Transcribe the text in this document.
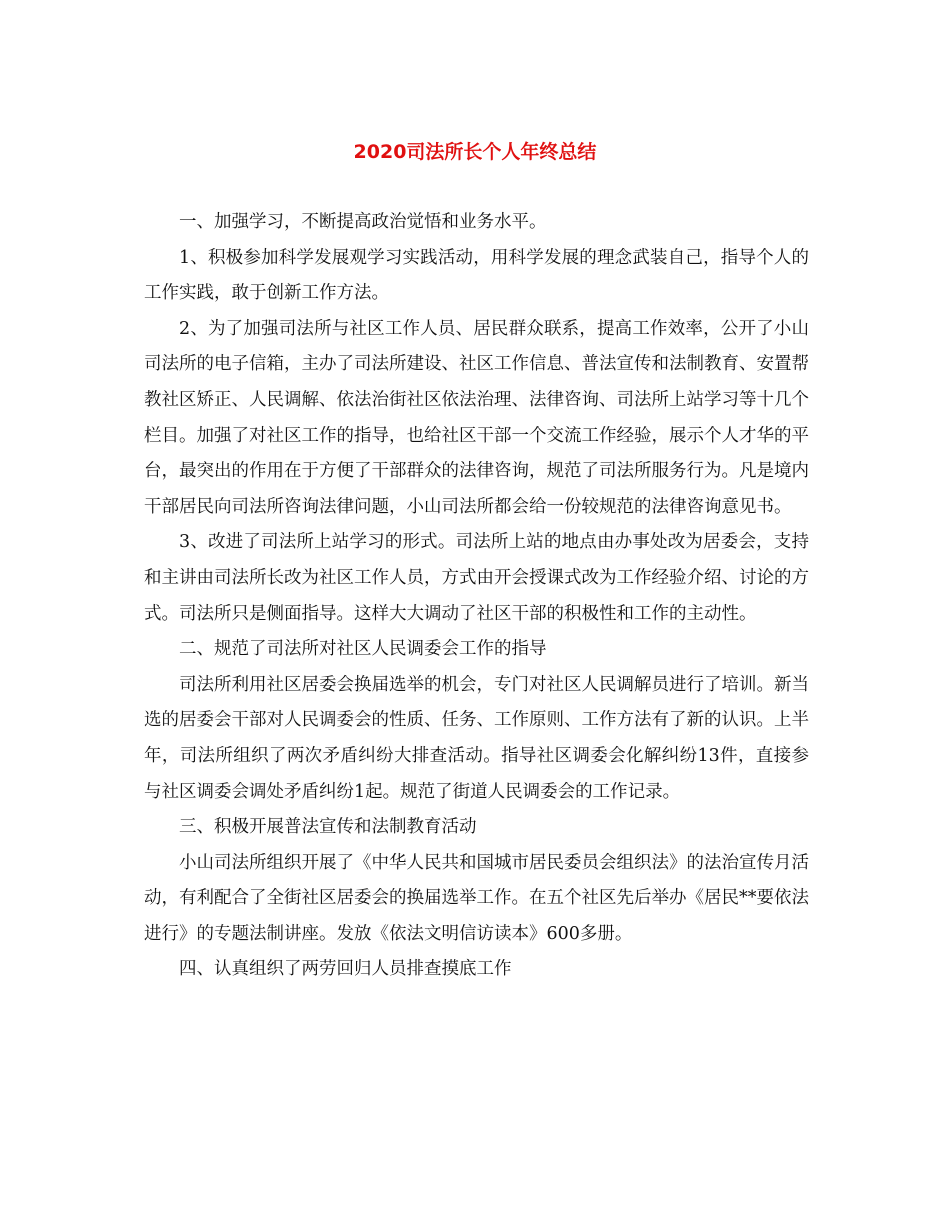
2020司法所长个人年终总结

一、加强学习，不断提高政治觉悟和业务水平。

1、积极参加科学发展观学习实践活动，用科学发展的理念武装自己，指导个人的工作实践，敢于创新工作方法。

2、为了加强司法所与社区工作人员、居民群众联系，提高工作效率，公开了小山司法所的电子信箱，主办了司法所建设、社区工作信息、普法宣传和法制教育、安置帮教社区矫正、人民调解、依法治街社区依法治理、法律咨询、司法所上站学习等十几个栏目。加强了对社区工作的指导，也给社区干部一个交流工作经验，展示个人才华的平台，最突出的作用在于方便了干部群众的法律咨询，规范了司法所服务行为。凡是境内干部居民向司法所咨询法律问题，小山司法所都会给一份较规范的法律咨询意见书。

3、改进了司法所上站学习的形式。司法所上站的地点由办事处改为居委会，支持和主讲由司法所长改为社区工作人员，方式由开会授课式改为工作经验介绍、讨论的方式。司法所只是侧面指导。这样大大调动了社区干部的积极性和工作的主动性。

二、规范了司法所对社区人民调委会工作的指导

司法所利用社区居委会换届选举的机会，专门对社区人民调解员进行了培训。新当选的居委会干部对人民调委会的性质、任务、工作原则、工作方法有了新的认识。上半年，司法所组织了两次矛盾纠纷大排查活动。指导社区调委会化解纠纷13件，直接参与社区调委会调处矛盾纠纷1起。规范了街道人民调委会的工作记录。

三、积极开展普法宣传和法制教育活动

小山司法所组织开展了《中华人民共和国城市居民委员会组织法》的法治宣传月活动，有利配合了全街社区居委会的换届选举工作。在五个社区先后举办《居民**要依法进行》的专题法制讲座。发放《依法文明信访读本》600多册。

四、认真组织了两劳回归人员排查摸底工作
